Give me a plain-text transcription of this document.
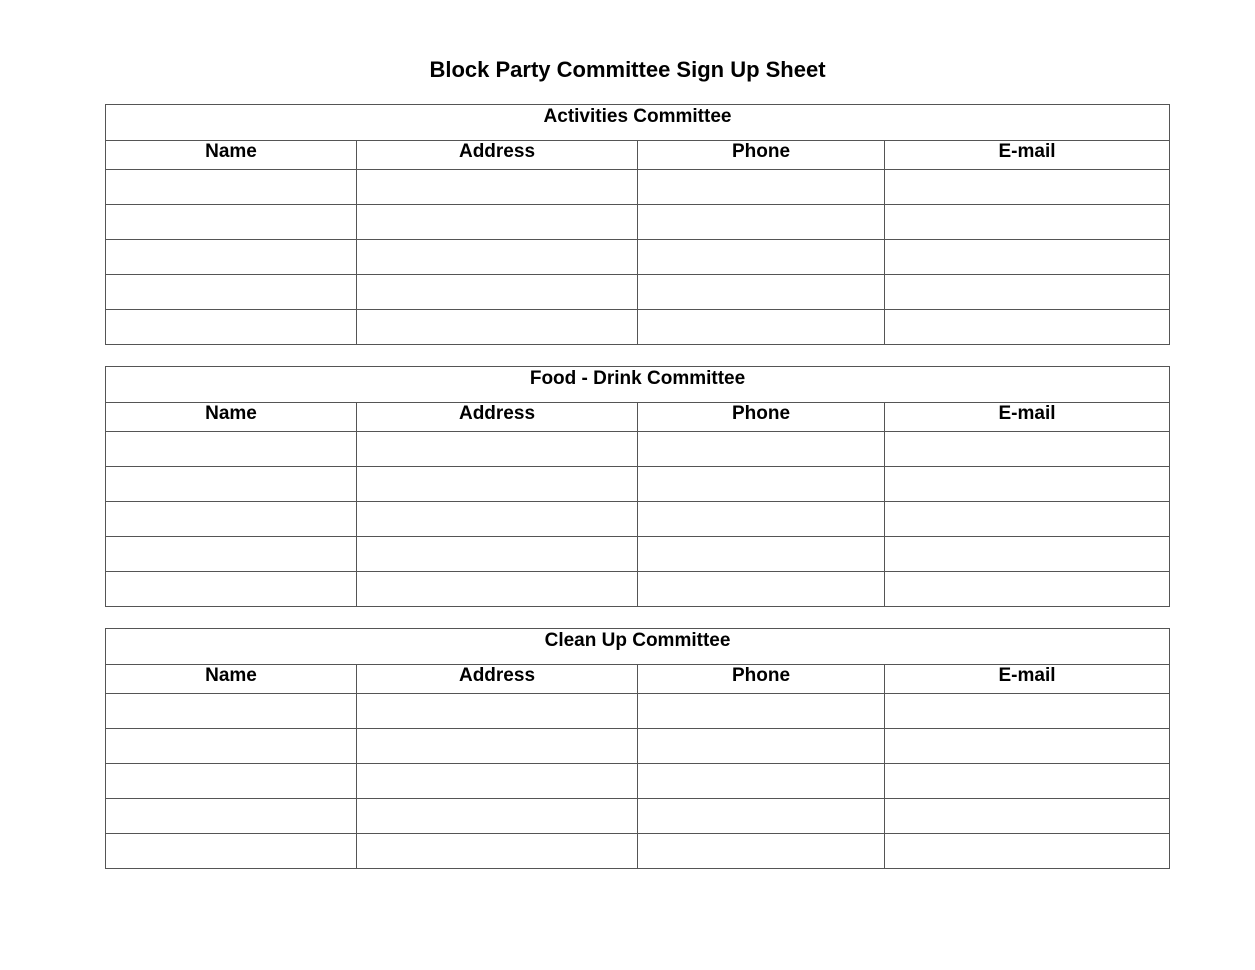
Block Party Committee Sign Up Sheet
Activities Committee			
Name	Address	Phone	E-mail

Food - Drink Committee			
Name	Address	Phone	E-mail

Clean Up Committee			
Name	Address	Phone	E-mail
